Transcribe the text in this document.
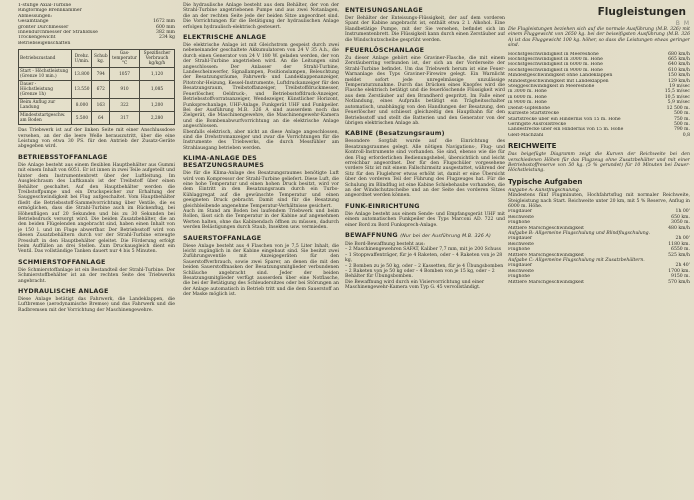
1-stufige Axial-Turbine
Ringförmige Brennkammer
Abmessungen:
Gesamtlänge	1672 mm
größter Durchmesser	600 mm
Innendurchmesser der Strahldüse	382 mm
Trockengewicht	234 kg
Betriebseigenschaften
Betriebszustand	Drehz. U/min.	Schub kg.	Gas-temperatur °C	Spezifischer Verbrauch kg/kg/h
Start - Höchstleistung (Grenze 10 min.)	13.800	794	1057	1,120
Dauer - Höchstleistung (Grenze 1h)	13.550	672	910	1,085
Beim Anflug zur Landung	8.000	163	322	1,200
Mindeststartgeschw. am Boden	5.500	64	317	2,280

Das Triebwerk ist auf der linken Seite mit einer Anschlussdose versehen, an der die leere Welle herauszutritt, über die eine Leistung von etwa 30 PS. für den Antrieb der Zusatz-Geräte abgegeben wird.

BETRIEBSSTOFFANLAGE

Die Anlage besteht aus einem flexiblen Hauptbehälter aus Gummi mit einem Inhalt von 6051. Er ist innen in zwei Teile aufgeteilt und hinter dem Instrumentenbrett über der Luftleitung. Im Ausgleichraum des Luftkanals ist der Treibstoff über einen Behälter geschaltet. Auf den Hauptbehälter werden die Treibstoffpumpe und ein Druckspeicher zur Erhaltung der Sauggeschwindigkeit bei Flug aufgeschaltet. Vom Hauptbehälter fließt die Betriebsstoff-Sammelvorrichtung über Ventile, die es ermöglichen, dass die Strahl-Turbine auch im Rückenflug, bei Höhenflügen auf 20 Sekunden und bis zu 30 Sekunden bei Betriebsdruck versorgt wird. Die beiden Zusatzbehälter, die an den beiden Flügelenden angebracht sind, haben einen Inhalt von je 150 l. und im Fluge abwerfbar. Der Betriebsstoff wird von diesen Zusatzbehältern durch vor der Strahl-Turbine erzeugte Pressluft in den Hauptbehälter geleitet. Die Förderung erfolgt beim Auffüllen an drei Stellen. Zum Druckausgleich dient ein Ventil. Das vollständige Tanken dauert nur 4 bis 5 Minuten.

SCHMIERSTOFFANLAGE

Die Schmierstoffanlage ist ein Bestandteil der Strahl-Turbine. Der Schmierstoffbehälter ist an der rechten Seite des Triebwerks angebracht.

HYDRAULISCHE ANLAGE

Diese Anlage betätigt das Fahrwerk, die Landeklappen, die Luftbremse (aerodynamische Bremse) und das Fahrwerk und die Radbremsen mit der Vorrichtung der Maschinengewehre.

Die hydraulische Anlage besteht aus dem Behälter, der von der Strahl-Turbine angetriebenen Pumpe und aus zwei Notanlagen, die an der rechten Seite jede der beiden Sitze angeordnet sind. Die Vorrichtungen für die Betätigung der hydraulischen Anlage erfolgen hydraulisch-elektrisch gesteuert.

ELEKTRISCHE ANLAGE

Die elektrische Anlage ist mit Gleichstrom gespeist durch zwei nebeneinander geschaltete Akkumulatoren von 24 V 35 A.h., die durch einen Generator von 24 V 180 W. geladen werden, der von der Strahl-Turbine angetrieben wird. An die Leitungen sind angeschlossen: Der Anlasser der Strahl-Turbine, Landescheinwerfer, Signallampen, Positionslampen, Beleuchtung der Besatzungsräume, Fahrwerk- und Landeklappenanzeiger, Pitotrohr-Heizung, Kessel-Instrumente, Luftdruckanzeiger für den Besatzungsraum, Treibstoffanzeiger, Treibstoffdruckmesser, Feuerlöscher, Oeldruck-, und Betriebsstoffdruck-Anzeiger, Betriebsstoffvorratsanzeiger, Wendezeiger, Künstlicher Horizont, Funksprechanlage, UHF-Anlage, Funkgerät UHF und Funkpeiler. Bei der Ausführung M.B. 326 A sind ausserdem noch das Zielgerät, die Maschinengewehre, die Maschinengewehr-Kamera und die Bombenabwurfvorrichtung an die elektrische Anlage angeschlossen.

Ebenfalls elektrisch, aber nicht an diese Anlage angeschlossen, sind die Drehstromanzeiger und zwar die Vorrichtungen für die Instrumente des Triebwerks, die durch Messfühler am Strahlausgang betrieben werden.

KLIMA-ANLAGE DES BESATZUNGSRAUMES

Die für die Klima-Anlage des Besatzungsraumes benötigte Luft wird vom Kompressor der Strahl-Turbine geliefert. Diese Luft, die eine hohe Temperatur und einen hohen Druck besitzt, wird vor dem Eintritt in den Besatzungsraum durch ein Turbo-Kühlaggregat auf die gewünschte Temperatur und einen geeigneten Druck gebracht. Damit sind für die Besatzung gleichbleibende angenehme Temperatur-Verhältnisse gesichert.

Auch im Stand am Boden bei laufendem Triebwerk und beim Rollen, lässt sich die Temperatur in der Kabine auf angenehmen Werten halten, ohne das Kabinendach öffnen zu müssen, dadurch werden Belästigungen durch Staub, Insekten usw. vermieden.

SAUERSTOFFANLAGE

Diese Anlage besteht aus 4 Flaschen von je 7,5 Liter Inhalt, die leicht zugänglich in der Kabine eingebaut sind. Sie besitzt zwei Zuführungsventile mit Anzeigegeräten für den Sauerstoffverbrauch, sowie zwei Sparer, an denen die mit den beiden Sauerstoffmasken der Besatzungsmitglieder verbundenen Schläuche angebracht sind. Jeder der beiden Besatzungsmitglieder verfügt ausserdem über eine Notflasche, die bei der Betätigung des Schleudersitzes oder bei Störungen an der Anlage automatisch in Betrieb tritt und die dem Sauerstoff an der Maske möglich ist.

ENTEISUNGSANLAGE

Der Behälter der Enteisungs-Flüssigkeit, der auf dem vorderen Spant der Kabine angebracht ist, enthält etwa 2 l. Alkohol. Eine Handbetätige Pumpe, mit der Sie versehen, befindet sich im Instrumentenbrett. Die Flüssigkeit kann durch einen Zerstäuber auf die Windschutzscheibe gesprüht werden.

FEUERLÖSCHANLAGE

Zu dieser Anlage gehört eine Graviner-Flasche, die mit einem Zerstäuberring verbunden ist, der sich an der Vorderseite der Strahl-Turbine befindet. Um das Triebwerk herum ist eine Feuer-Warnanlage des Typs Graviner-Firewire gelegt. Ein Warnlicht meldet sofort jede unregelmässige unzulässige Temperaturzunahme. Durch das Drücken eines Knopfes wird die Flasche elektrisch betätigt und die feuerlöschende Flüssigkeit wird aus dem Zerstäuber auf den Brandherd gespritzt. Im Falle einer Notlandung, eines Aufpralls betätigt ein Trägheitsschalter automatisch, unabhängig von den Handlungen der Besatzung, den Feuerlöscher und schliesst gleichzeitig den Hauptbahn für den Betriebsstoff und stellt die Batterien und den Generator von der übrigen elektrischen Anlage ab.

KABINE (Besatzungsraum)

Besondere Sorgfalt wurde auf die Einrichtung des Besatzungsraumes gelegt. Alle nötigen Navigations-, Flug- und Kontroll-Instrumente sind vorhanden. Sie sind, ebenso wie die für den Flug erforderlichen Bedienungshebel, übersichtlich und leicht erreichbar angeordnet. Der für den Flugschüler vorgesehene vordere Sitz ist mit einem Fallschirmsitz ausgestattet, während der Sitz für den Fluglehrer etwas erhöht ist, damit er eine Übersicht über den vorderen Teil der Führung des Flugzeuges hat. Für die Schulung im Blindflug ist eine Kabine Schiebehaube vorhanden, die an der Windschutzscheibe und an der Seite des vorderen Sitzes angeordnet werden können.

FUNK-EINRICHTUNG

Die Anlage besteht aus einem Sende- und Empfangsgerät UHF mit einem automatischen Funkpeiler des Typs Marconi AD. 722 und einer Bord zu Bord Funksprech-Anlage.

BEWAFFNUNG (Nur bei der Ausführung M.B. 326 A)

Die Bord-Bewaffnung besteht aus:

– 2 Maschinengewehren SAFAT, Kaliber 7,7 mm, mit je 200 Schuss

– 1 Stoppwaffenträger, für je 4 Raketen, oder – 4 Raketen von je 28 kg,

– 2 Bomben zu je 50 kg, oder – 2 Kassetten, für je 4 Übungsbomben

– 2 Raketen von je 50 kg oder – 4 Bomben von je 15 kg, oder – 2 Behälter für Übungsbomben.

Die Bewaffnung wird durch ein Visiervorrichtung und einer Maschinengewehr-Kamera vom Typ G. 45 vervollständigt.

Flugleistungen
B M

Die Flugleistungen beziehen sich auf die normale Ausführung (M.B. 326) mit einem Fluggewicht von 2650 kg. bei der beiseifigsten Ausführung (M.B. 326 A) ist das Fluggewicht 100 kg. höher, so dass die Leistungen etwas geringer sind.

Höchstgeschwindigkeit in Meereshöhe	680 km/h
Höchstgeschwindigkeit in 3000 m. Höhe	665 km/h
Höchstgeschwindigkeit in 6000 m. Höhe	640 km/h
Höchstgeschwindigkeit in 9000 m. Höhe	610 km/h
Mindestgeschwindigkeit ohne Landeklappen	150 km/h
Mindestgeschwindigkeit mit Landeklappen	129 km/h
Steiggeschwindigkeit in Meereshöhe	19 m/sec
in 3000 m. Höhe	15,5 m/sec
in 6000 m. Höhe	10,5 m/sec
in 9000 m. Höhe	5,9 m/sec
Dienst-Gipfelhöhe	12 500 m.
Kürzeste Startstrecke	500 m.
Startstrecke über ein Hindernis von 15 m. Höhe	750 m.
Geringste Ausrollstrecke	500 m.
Landestrecke über ein Hindernis von 15 m. Höhe	790 m.
Gleit-Machzahl	0,8
REICHWEITE

Das beigefügte Diagramm zeigt die Kurven der Reichweite bei den verschiedenen Höhen für das Flugzeug ohne Zusatzbehälter und mit einer Betriebsstoffreserve von 50 kg. (5 % gerundet) für 10 Minuten bei Dauer-Höchstleistung.

Typische Aufgaben
Aufgabe A: Kunstflugschulung.

Mindestens fünf Flugminuten, Hochfahrtsflug mit normaler Reichweite, Steigleistung nach Start. Reichweite unter 20 km, mit 5 % Reserve, Anflug in 6000 m. Höhe.

Flugdauer	1h 00'
Reichweite	650 km.
Flughöhe	3050 m.
Mittlere Marschgeschwindigkeit	480 km/h

Aufgabe B: Allgemeine Flugschulung und Blindflugschulung.

Flugdauer	2h 00'
Reichweite	1180 km.
Flughöhe	6550 m.
Mittlere Marschgeschwindigkeit	525 km/h

Aufgabe C: Allgemeine Flugschulung mit Zusatzbehältern.

Flugdauer	2h 40'
Reichweite	1700 km.
Flughöhe	9150 m.
Mittlere Marschgeschwindigkeit	570 km/h
